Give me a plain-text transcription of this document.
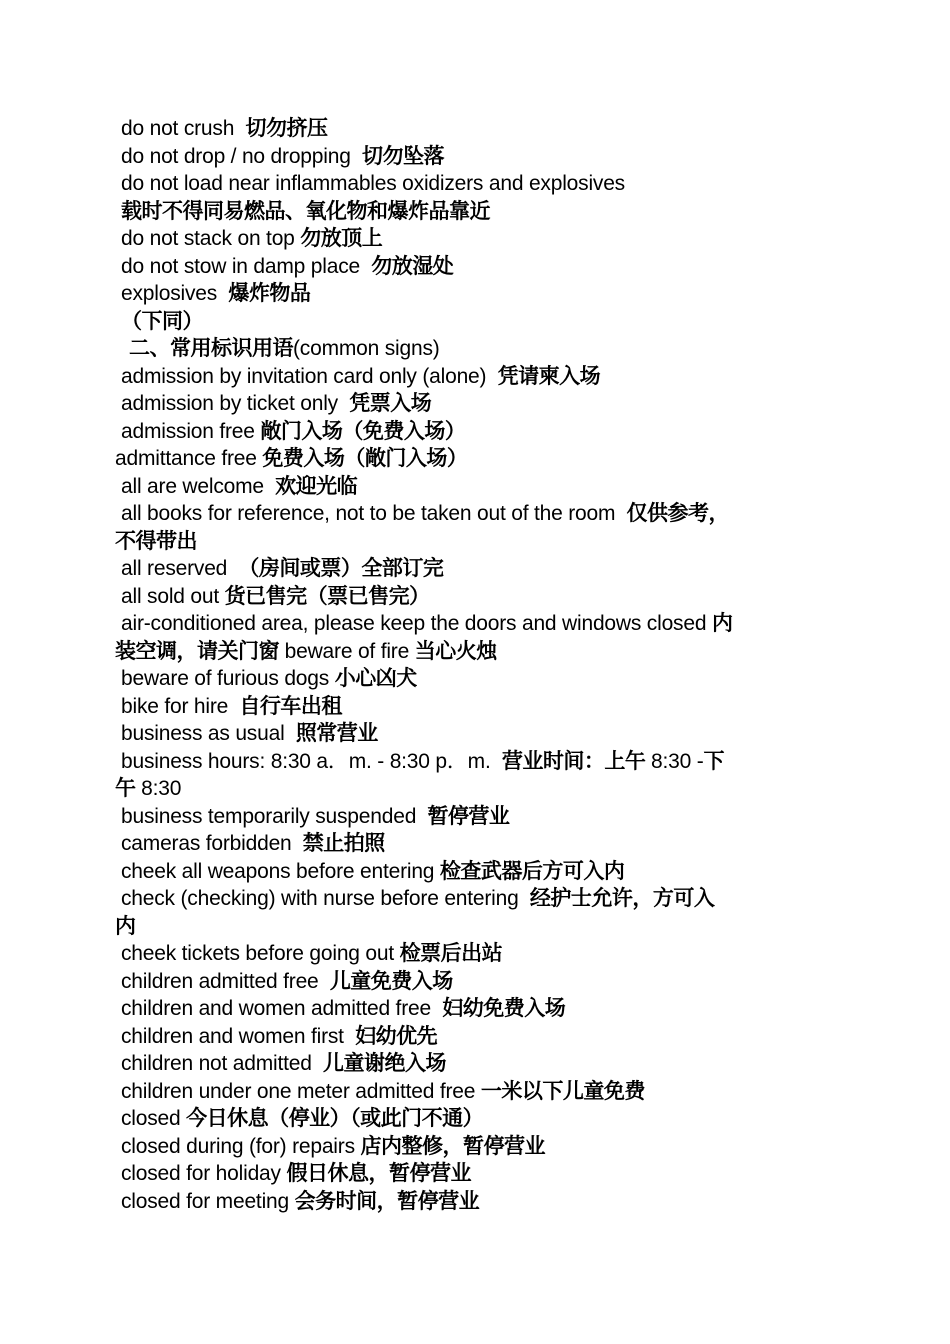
do not crush  切勿挤压
do not drop / no dropping  切勿坠落
do not load near inflammables oxidizers and explosives
载时不得同易燃品、氧化物和爆炸品靠近
do not stack on top 勿放顶上
do not stow in damp place  勿放湿处
explosives  爆炸物品
（下同）
二、常用标识用语(common signs)
admission by invitation card only (alone)  凭请柬入场
admission by ticket only  凭票入场
admission free 敞门入场（免费入场）
admittance free 免费入场（敞门入场）
all are welcome  欢迎光临
all books for reference, not to be taken out of the room  仅供参考，
不得带出
all reserved  （房间或票）全部订完
all sold out 货已售完（票已售完）
air-conditioned area, please keep the doors and windows closed 内
装空调，请关门窗 beware of fire 当心火烛
beware of furious dogs 小心凶犬
bike for hire  自行车出租
business as usual  照常营业
business hours: 8:30 a．m. - 8:30 p．m.  营业时间：上午 8:30 -下
午 8:30
business temporarily suspended  暂停营业
cameras forbidden  禁止拍照
cheek all weapons before entering 检查武器后方可入内
check (checking) with nurse before entering  经护士允许，方可入
内
cheek tickets before going out 检票后出站
children admitted free  儿童免费入场
children and women admitted free  妇幼免费入场
children and women first  妇幼优先
children not admitted  儿童谢绝入场
children under one meter admitted free 一米以下儿童免费
closed 今日休息（停业）（或此门不通）
closed during (for) repairs 店内整修，暂停营业
closed for holiday 假日休息，暂停营业
closed for meeting 会务时间，暂停营业
